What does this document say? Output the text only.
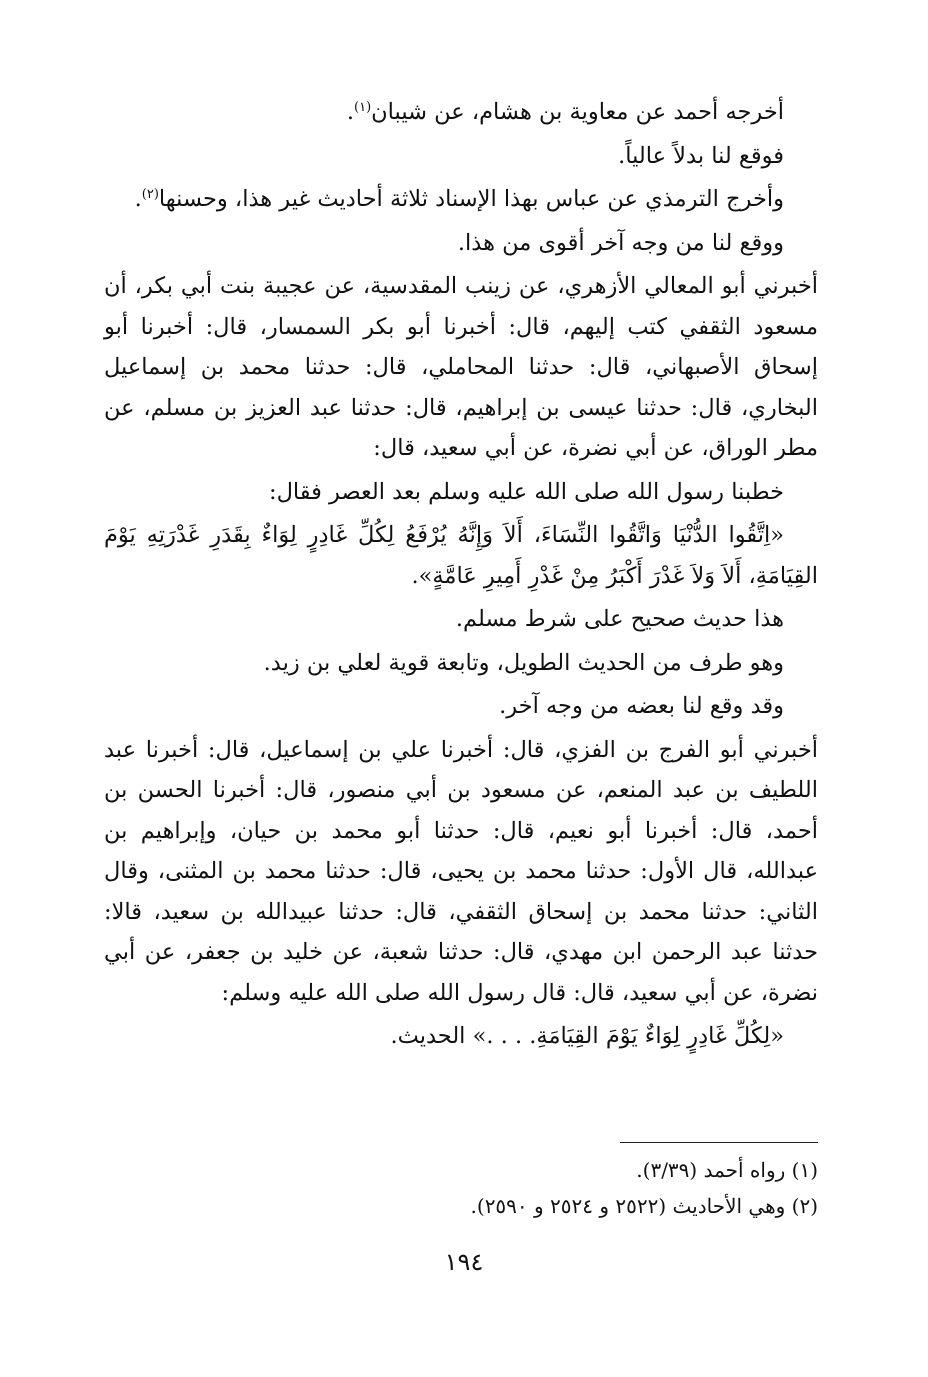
أخرجه أحمد عن معاوية بن هشام، عن شيبان$^{(١)}$.

فوقع لنا بدلاً عالياً.

وأخرج الترمذي عن عباس بهذا الإسناد ثلاثة أحاديث غير هذا، وحسنها$^{(٢)}$.

ووقع لنا من وجه آخر أقوى من هذا.

أخبرني أبو المعالي الأزهري، عن زينب المقدسية، عن عجيبة بنت أبي بكر، أن مسعود الثقفي كتب إليهم، قال: أخبرنا أبو بكر السمسار، قال: أخبرنا أبو إسحاق الأصبهاني، قال: حدثنا المحاملي، قال: حدثنا محمد بن إسماعيل البخاري، قال: حدثنا عيسى بن إبراهيم، قال: حدثنا عبد العزيز بن مسلم، عن مطر الوراق، عن أبي نضرة، عن أبي سعيد، قال:

خطبنا رسول الله صلى الله عليه وسلم بعد العصر فقال:

«اِتَّقُوا الدُّنْيَا وَاتَّقُوا النِّسَاءَ، أَلاَ وَإِنَّهُ يُرْفَعُ لِكُلِّ غَادِرٍ لِوَاءٌ بِقَدَرِ غَدْرَتِهِ يَوْمَ القِيَامَةِ، أَلاَ وَلاَ غَدْرَ أَكْبَرُ مِنْ غَدْرِ أَمِيرِ عَامَّةٍ».

هذا حديث صحيح على شرط مسلم.

وهو طرف من الحديث الطويل، وتابعة قوية لعلي بن زيد.

وقد وقع لنا بعضه من وجه آخر.

أخبرني أبو الفرج بن الفزي، قال: أخبرنا علي بن إسماعيل، قال: أخبرنا عبد اللطيف بن عبد المنعم، عن مسعود بن أبي منصور، قال: أخبرنا الحسن بن أحمد، قال: أخبرنا أبو نعيم، قال: حدثنا أبو محمد بن حيان، وإبراهيم بن عبدالله، قال الأول: حدثنا محمد بن يحيى، قال: حدثنا محمد بن المثنى، وقال الثاني: حدثنا محمد بن إسحاق الثقفي، قال: حدثنا عبيدالله بن سعيد، قالا: حدثنا عبد الرحمن ابن مهدي، قال: حدثنا شعبة، عن خليد بن جعفر، عن أبي نضرة، عن أبي سعيد، قال: قال رسول الله صلى الله عليه وسلم:

«لِكُلِّ غَادِرٍ لِوَاءٌ يَوْمَ القِيَامَةِ. . . .» الحديث.

(١) رواه أحمد (٣/٣٩).

(٢) وهي الأحاديث (٢٥٢٢ و ٢٥٢٤ و ٢٥٩٠).

١٩٤
